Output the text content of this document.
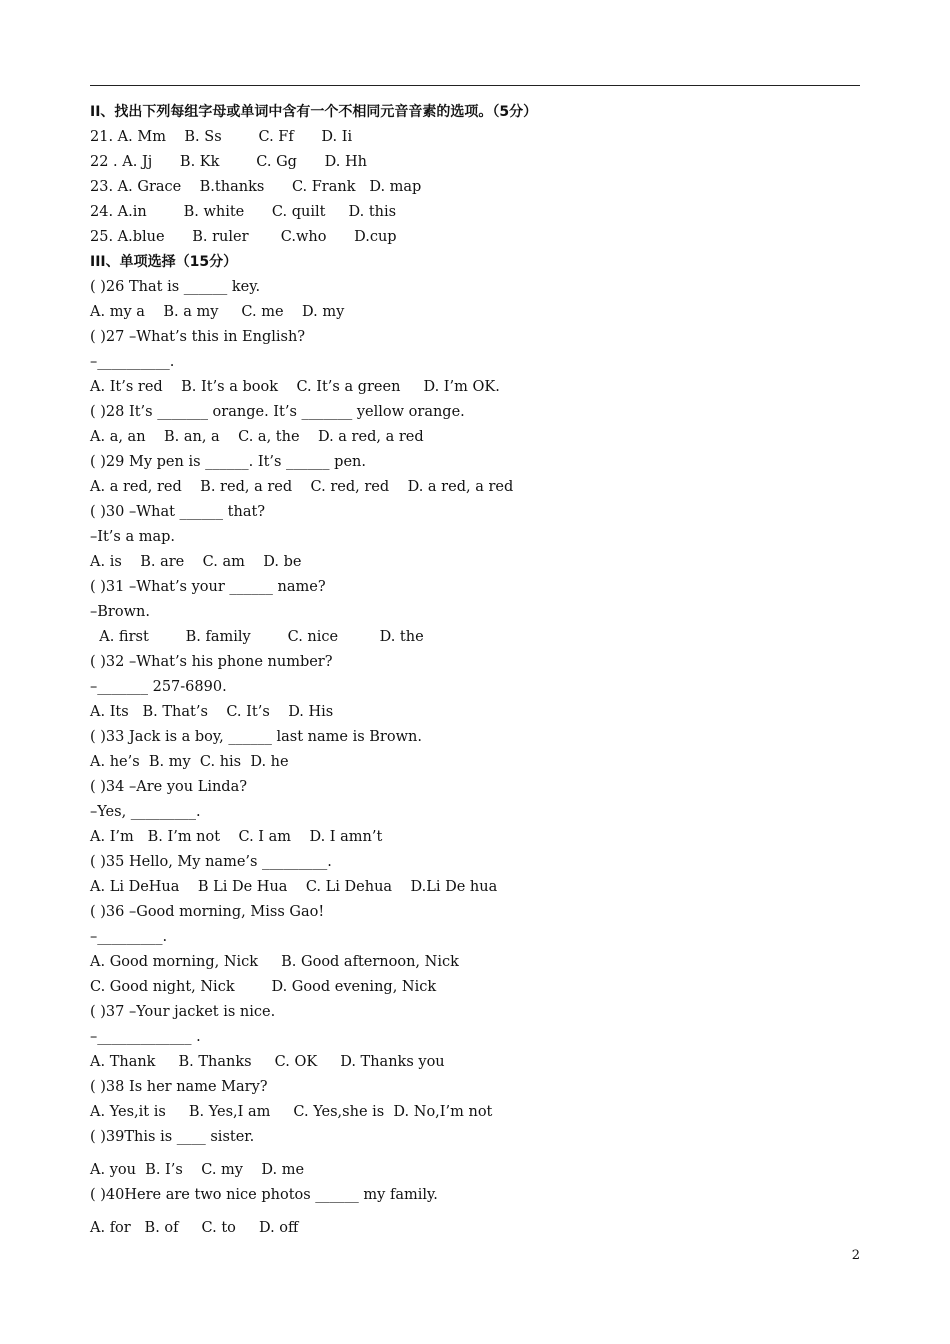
II、找出下列每组字母或单词中含有一个不相同元音音素的选项。（5分）
21. A. Mm    B. Ss        C. Ff      D. Ii
22 . A. Jj      B. Kk        C. Gg      D. Hh
23. A. Grace    B.thanks      C. Frank   D. map
24. A.in        B. white      C. quilt     D. this
25. A.blue      B. ruler       C.who      D.cup
III、单项选择（15分）
( )26 That is ______ key.
A. my a    B. a my     C. me    D. my
( )27 –What’s this in English?
–__________.
A. It’s red    B. It’s a book    C. It’s a green     D. I’m OK.
( )28 It’s _______ orange. It’s _______ yellow orange.
A. a, an    B. an, a    C. a, the    D. a red, a red
( )29 My pen is ______. It’s ______ pen.
A. a red, red    B. red, a red    C. red, red    D. a red, a red
( )30 –What ______ that?
–It’s a map.
A. is    B. are    C. am    D. be
( )31 –What’s your ______ name?
–Brown.
A. first        B. family        C. nice         D. the
( )32 –What’s his phone number?
–_______ 257-6890.
A. Its   B. That’s    C. It’s    D. His
( )33 Jack is a boy, ______ last name is Brown.
A. he’s  B. my  C. his  D. he
( )34 –Are you Linda?
–Yes, _________.
A. I’m   B. I’m not    C. I am    D. I amn’t
( )35 Hello, My name’s _________.
A. Li DeHua    B Li De Hua    C. Li Dehua    D.Li De hua
( )36 –Good morning, Miss Gao!
–_________.
A. Good morning, Nick     B. Good afternoon, Nick
C. Good night, Nick        D. Good evening, Nick
( )37 –Your jacket is nice.
–_____________ .
A. Thank     B. Thanks     C. OK     D. Thanks you
( )38 Is her name Mary?
A. Yes,it is     B. Yes,I am     C. Yes,she is  D. No,I’m not
( )39This is ____ sister.
A. you  B. I’s    C. my    D. me
( )40Here are two nice photos ______ my family.
A. for   B. of     C. to     D. off
2
